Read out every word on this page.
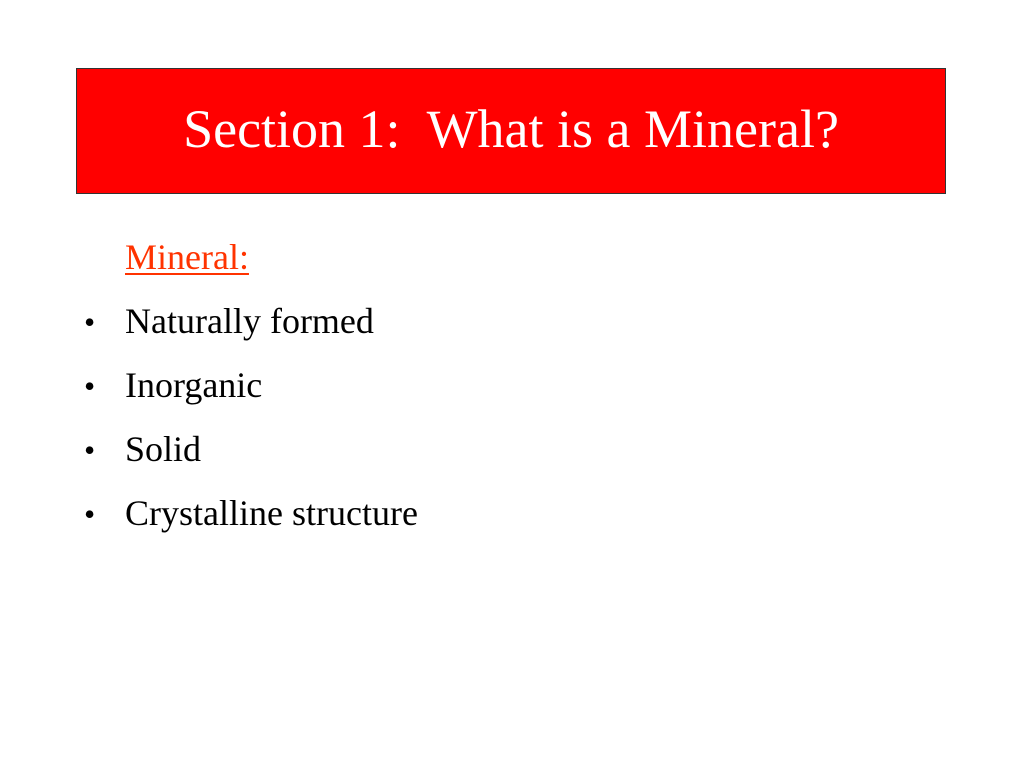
Section 1:  What is a Mineral?
Mineral:
• Naturally formed
• Inorganic
• Solid
• Crystalline structure
